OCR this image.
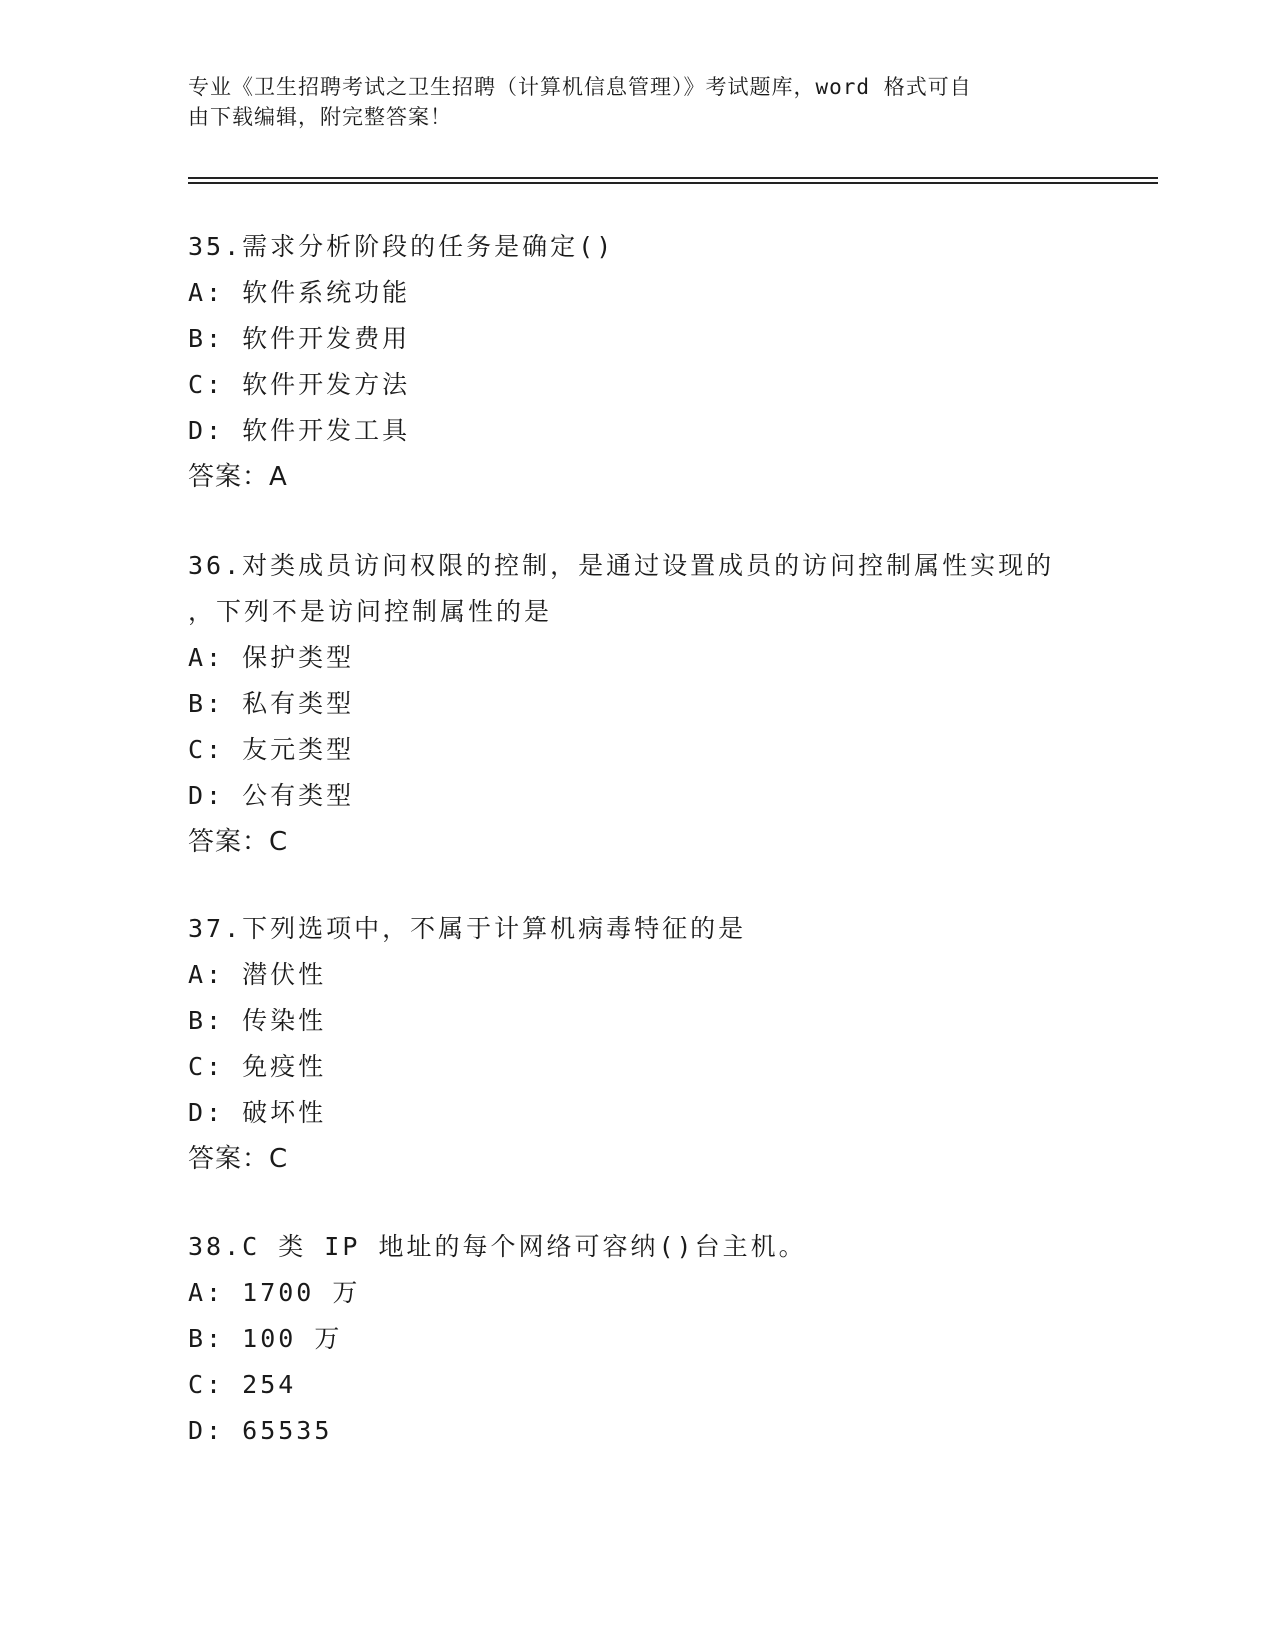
专业《卫生招聘考试之卫生招聘（计算机信息管理）》考试题库，word 格式可自
由下载编辑，附完整答案！
35.需求分析阶段的任务是确定()
A: 软件系统功能
B: 软件开发费用
C: 软件开发方法
D: 软件开发工具
答案：A
36.对类成员访问权限的控制，是通过设置成员的访问控制属性实现的
，下列不是访问控制属性的是
A: 保护类型
B: 私有类型
C: 友元类型
D: 公有类型
答案：C
37.下列选项中，不属于计算机病毒特征的是
A: 潜伏性
B: 传染性
C: 免疫性
D: 破坏性
答案：C
38.C 类 IP 地址的每个网络可容纳()台主机。
A: 1700 万
B: 100 万
C: 254
D: 65535
